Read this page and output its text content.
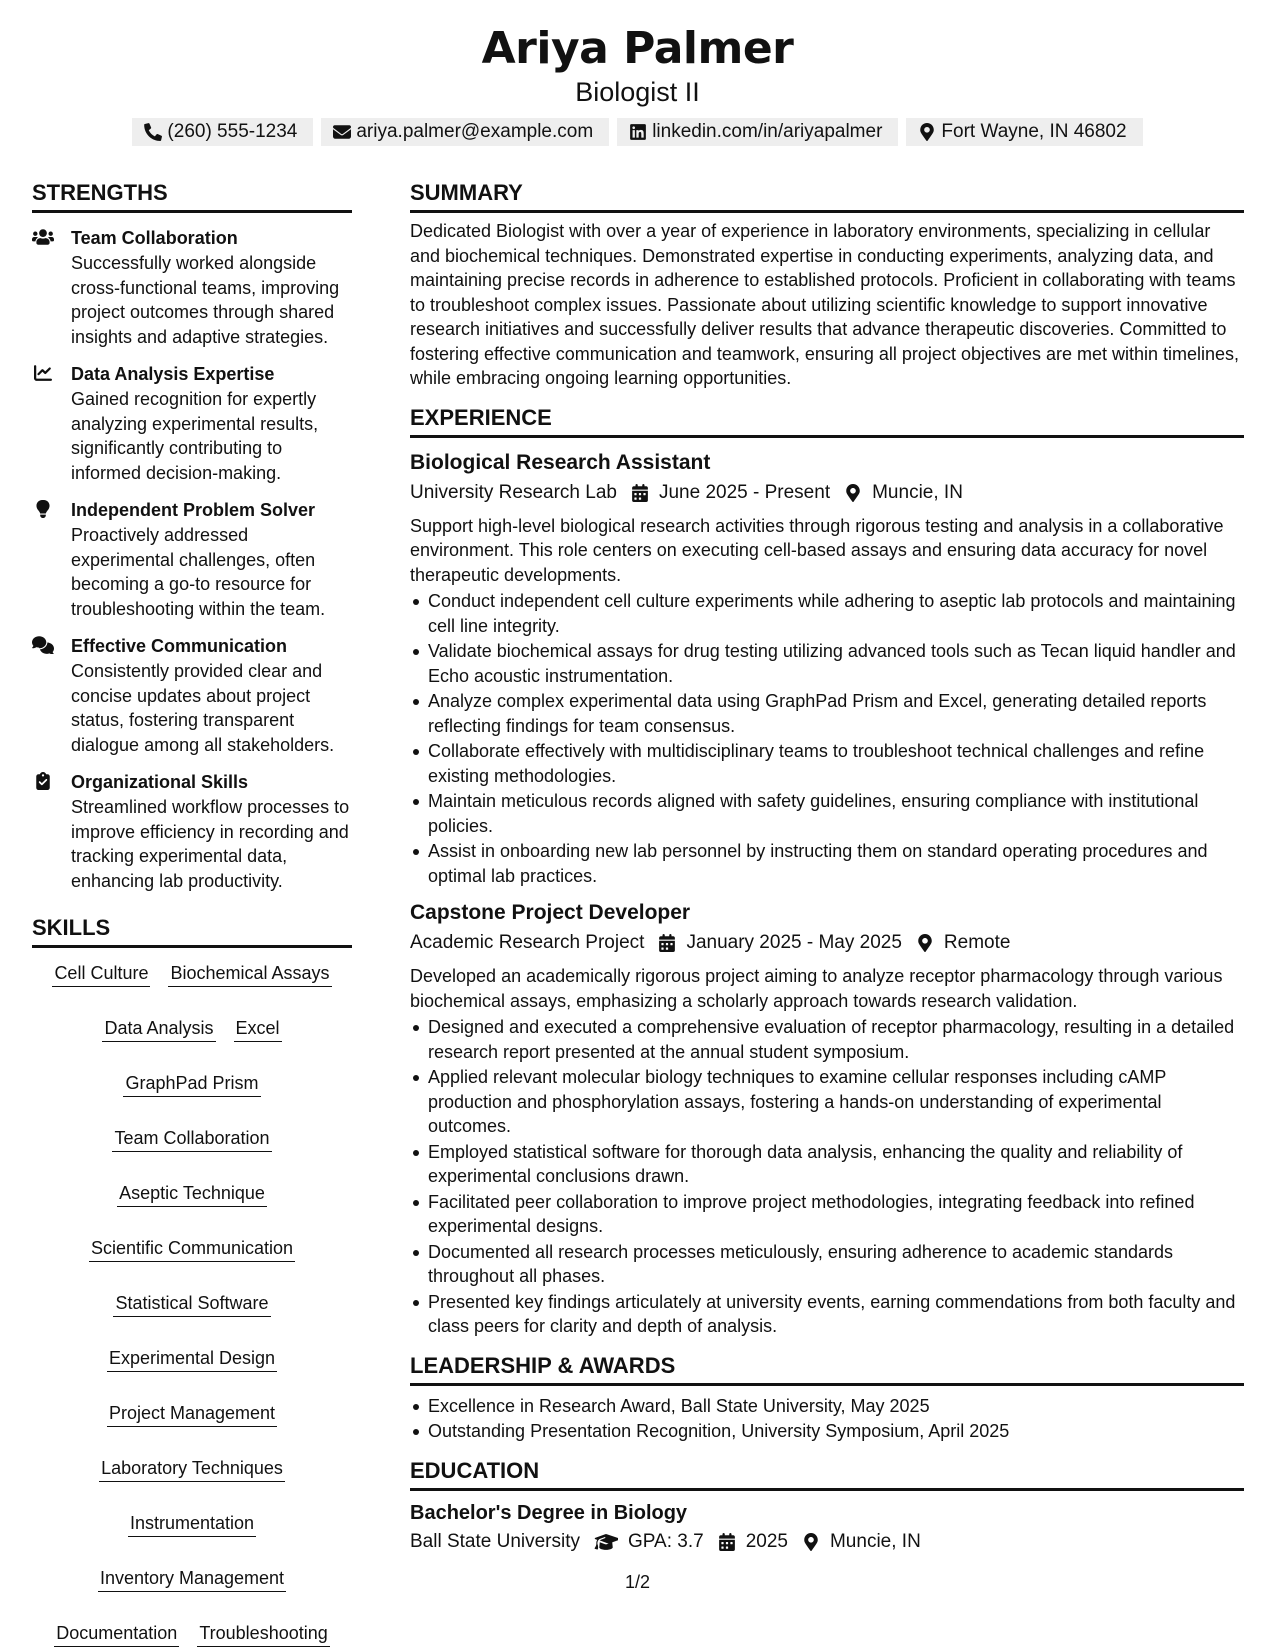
Ariya Palmer
Biologist II
(260) 555-1234	ariya.palmer@example.com	linkedin.com/in/ariyapalmer	Fort Wayne, IN 46802
STRENGTHS
Team Collaboration
Successfully worked alongside cross-functional teams, improving project outcomes through shared insights and adaptive strategies.
Data Analysis Expertise
Gained recognition for expertly analyzing experimental results, significantly contributing to informed decision-making.
Independent Problem Solver
Proactively addressed experimental challenges, often becoming a go-to resource for troubleshooting within the team.
Effective Communication
Consistently provided clear and concise updates about project status, fostering transparent dialogue among all stakeholders.
Organizational Skills
Streamlined workflow processes to improve efficiency in recording and tracking experimental data, enhancing lab productivity.
SKILLS
Cell Culture Biochemical Assays
Data Analysis Excel
GraphPad Prism
Team Collaboration
Aseptic Technique
Scientific Communication
Statistical Software
Experimental Design
Project Management
Laboratory Techniques
Instrumentation
Inventory Management
Documentation Troubleshooting
SUMMARY
Dedicated Biologist with over a year of experience in laboratory environments, specializing in cellular and biochemical techniques. Demonstrated expertise in conducting experiments, analyzing data, and maintaining precise records in adherence to established protocols. Proficient in collaborating with teams to troubleshoot complex issues. Passionate about utilizing scientific knowledge to support innovative research initiatives and successfully deliver results that advance therapeutic discoveries. Committed to fostering effective communication and teamwork, ensuring all project objectives are met within timelines, while embracing ongoing learning opportunities.
EXPERIENCE
Biological Research Assistant
University Research Lab June 2025 - Present Muncie, IN
Support high-level biological research activities through rigorous testing and analysis in a collaborative environment. This role centers on executing cell-based assays and ensuring data accuracy for novel therapeutic developments.
Conduct independent cell culture experiments while adhering to aseptic lab protocols and maintaining cell line integrity.
Validate biochemical assays for drug testing utilizing advanced tools such as Tecan liquid handler and Echo acoustic instrumentation.
Analyze complex experimental data using GraphPad Prism and Excel, generating detailed reports reflecting findings for team consensus.
Collaborate effectively with multidisciplinary teams to troubleshoot technical challenges and refine existing methodologies.
Maintain meticulous records aligned with safety guidelines, ensuring compliance with institutional policies.
Assist in onboarding new lab personnel by instructing them on standard operating procedures and optimal lab practices.
Capstone Project Developer
Academic Research Project January 2025 - May 2025 Remote
Developed an academically rigorous project aiming to analyze receptor pharmacology through various biochemical assays, emphasizing a scholarly approach towards research validation.
Designed and executed a comprehensive evaluation of receptor pharmacology, resulting in a detailed research report presented at the annual student symposium.
Applied relevant molecular biology techniques to examine cellular responses including cAMP production and phosphorylation assays, fostering a hands-on understanding of experimental outcomes.
Employed statistical software for thorough data analysis, enhancing the quality and reliability of experimental conclusions drawn.
Facilitated peer collaboration to improve project methodologies, integrating feedback into refined experimental designs.
Documented all research processes meticulously, ensuring adherence to academic standards throughout all phases.
Presented key findings articulately at university events, earning commendations from both faculty and class peers for clarity and depth of analysis.
LEADERSHIP & AWARDS
Excellence in Research Award, Ball State University, May 2025
Outstanding Presentation Recognition, University Symposium, April 2025
EDUCATION
Bachelor's Degree in Biology
Ball State University	GPA: 3.7 2025 Muncie, IN
1/2
